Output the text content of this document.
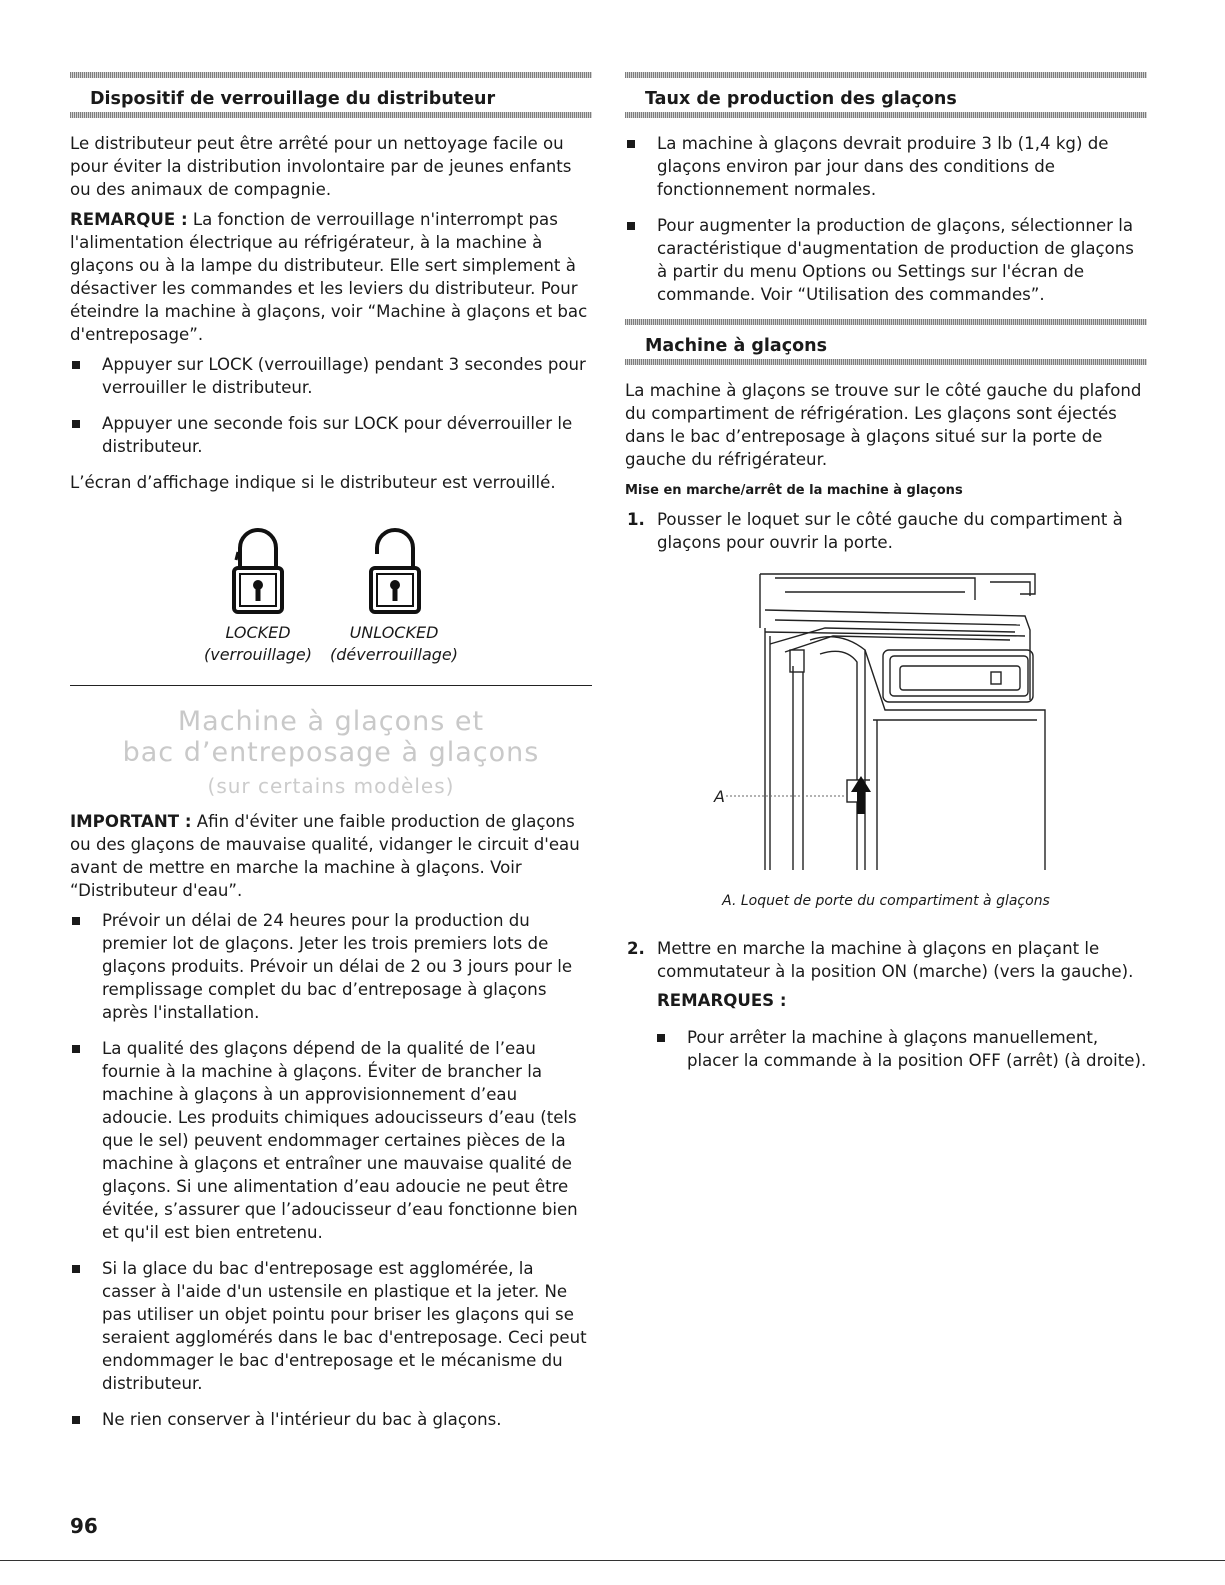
Dispositif de verrouillage du distributeur

Le distributeur peut être arrêté pour un nettoyage facile ou pour éviter la distribution involontaire par de jeunes enfants ou des animaux de compagnie.

REMARQUE : La fonction de verrouillage n'interrompt pas l'alimentation électrique au réfrigérateur, à la machine à glaçons ou à la lampe du distributeur. Elle sert simplement à désactiver les commandes et les leviers du distributeur. Pour éteindre la machine à glaçons, voir “Machine à glaçons et bac d'entreposage”.

Appuyer sur LOCK (verrouillage) pendant 3 secondes pour verrouiller le distributeur.
Appuyer une seconde fois sur LOCK pour déverrouiller le distributeur.

L’écran d’affichage indique si le distributeur est verrouillé.

LOCKED
(verrouillage)
UNLOCKED
(déverrouillage)
Machine à glaçons et
bac d’entreposage à glaçons
(sur certains modèles)

IMPORTANT : Afin d'éviter une faible production de glaçons ou des glaçons de mauvaise qualité, vidanger le circuit d'eau avant de mettre en marche la machine à glaçons. Voir “Distributeur d'eau”.

Prévoir un délai de 24 heures pour la production du premier lot de glaçons. Jeter les trois premiers lots de glaçons produits. Prévoir un délai de 2 ou 3 jours pour le remplissage complet du bac d’entreposage à glaçons après l'installation.
La qualité des glaçons dépend de la qualité de l’eau fournie à la machine à glaçons. Éviter de brancher la machine à glaçons à un approvisionnement d’eau adoucie. Les produits chimiques adoucisseurs d’eau (tels que le sel) peuvent endommager certaines pièces de la machine à glaçons et entraîner une mauvaise qualité de glaçons. Si une alimentation d’eau adoucie ne peut être évitée, s’assurer que l’adoucisseur d’eau fonctionne bien et qu'il est bien entretenu.
Si la glace du bac d'entreposage est agglomérée, la casser à l'aide d'un ustensile en plastique et la jeter. Ne pas utiliser un objet pointu pour briser les glaçons qui se seraient agglomérés dans le bac d'entreposage. Ceci peut endommager le bac d'entreposage et le mécanisme du distributeur.
Ne rien conserver à l'intérieur du bac à glaçons.
Taux de production des glaçons
La machine à glaçons devrait produire 3 lb (1,4 kg) de glaçons environ par jour dans des conditions de fonctionnement normales.
Pour augmenter la production de glaçons, sélectionner la caractéristique d'augmentation de production de glaçons à partir du menu Options ou Settings sur l'écran de commande. Voir “Utilisation des commandes”.
Machine à glaçons

La machine à glaçons se trouve sur le côté gauche du plafond du compartiment de réfrigération. Les glaçons sont éjectés dans le bac d’entreposage à glaçons situé sur la porte de gauche du réfrigérateur.

Mise en marche/arrêt de la machine à glaçons
1. Pousser le loquet sur le côté gauche du compartiment à glaçons pour ouvrir la porte.
A
A. Loquet de porte du compartiment à glaçons
2. Mettre en marche la machine à glaçons en plaçant le commutateur à la position ON (marche) (vers la gauche).
REMARQUES :
Pour arrêter la machine à glaçons manuellement, placer la commande à la position OFF (arrêt) (à droite).
96
